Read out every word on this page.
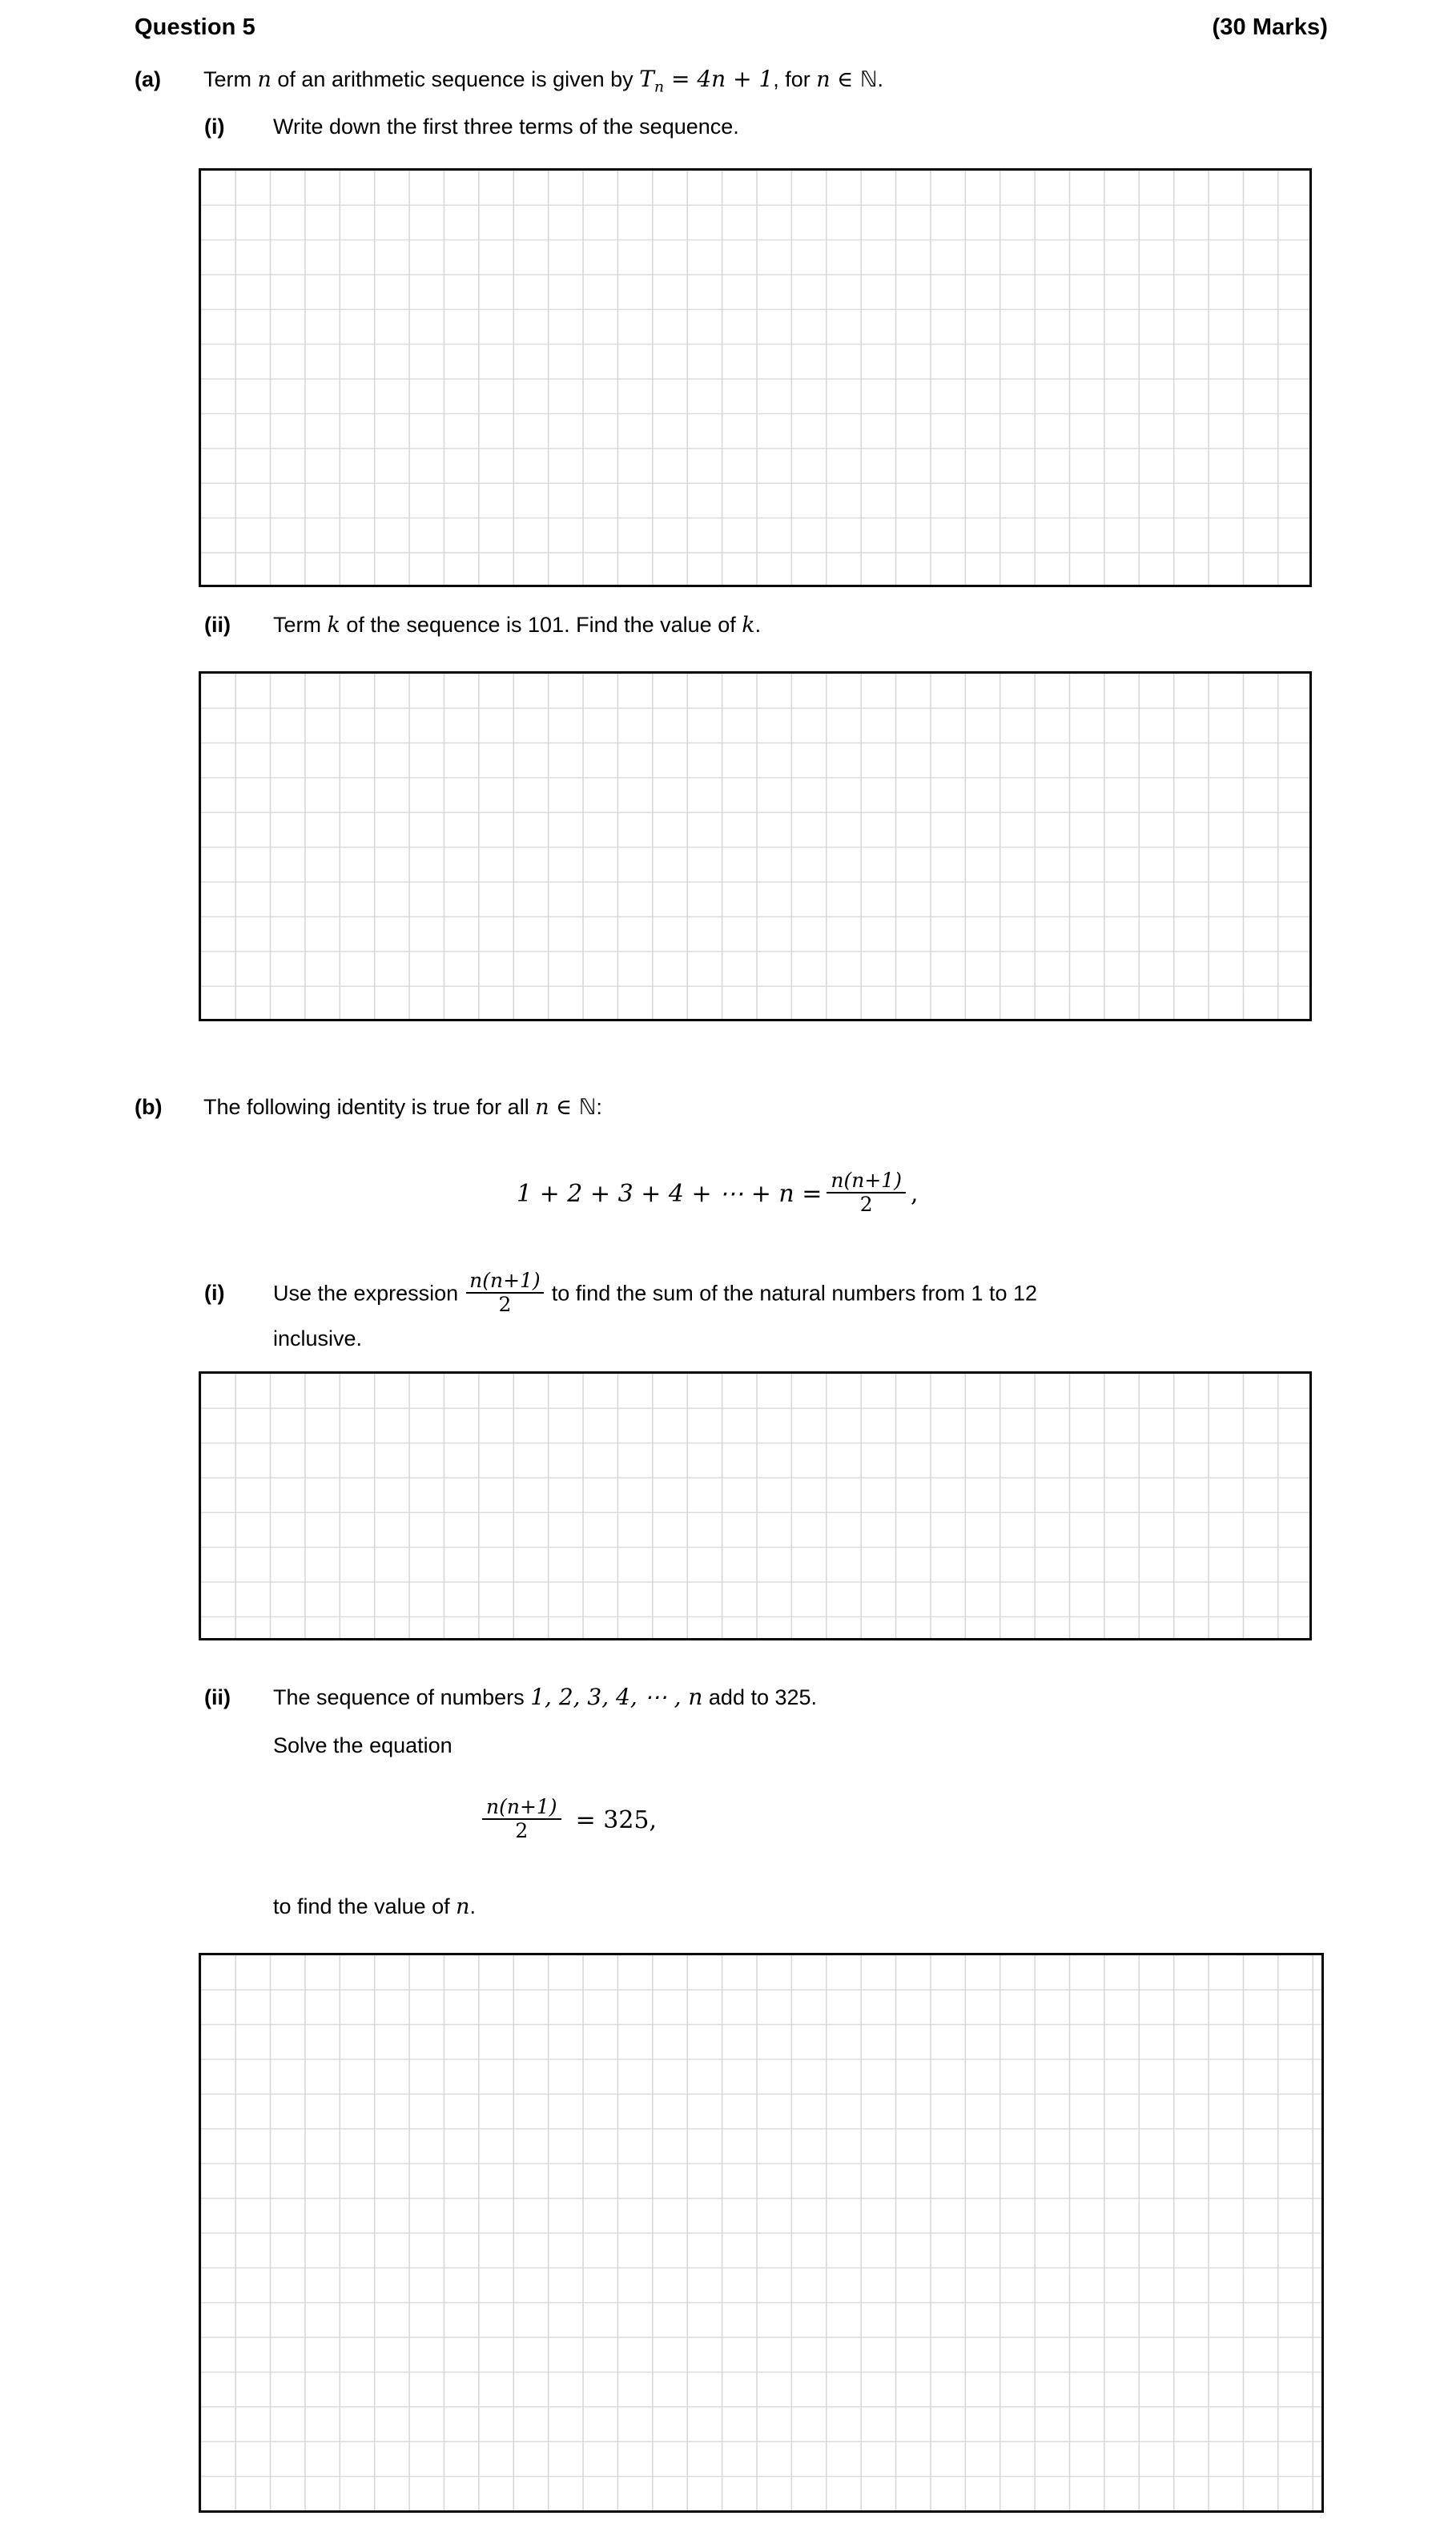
Question 5	(30 Marks)
(a)	Term n of an arithmetic sequence is given by $T_n = 4n + 1$, for n ∈ ℕ.
(i)	Write down the first three terms of the sequence.
(ii)	Term k of the sequence is 101. Find the value of k.
(b)	The following identity is true for all n ∈ ℕ:
1 + 2 + 3 + 4 + ⋯ + $n = \frac{n(n+1)}{2}$ ,
(i)	Use the expression $\frac{n(n+1)}{2}$ to find the sum of the natural numbers from 1 to 12
inclusive.
(ii)	The sequence of numbers 1, 2, 3, 4, ⋯ , n add to 325.
Solve the equation
$\frac{n(n+1)}{2} = 325$,
to find the value of n.
